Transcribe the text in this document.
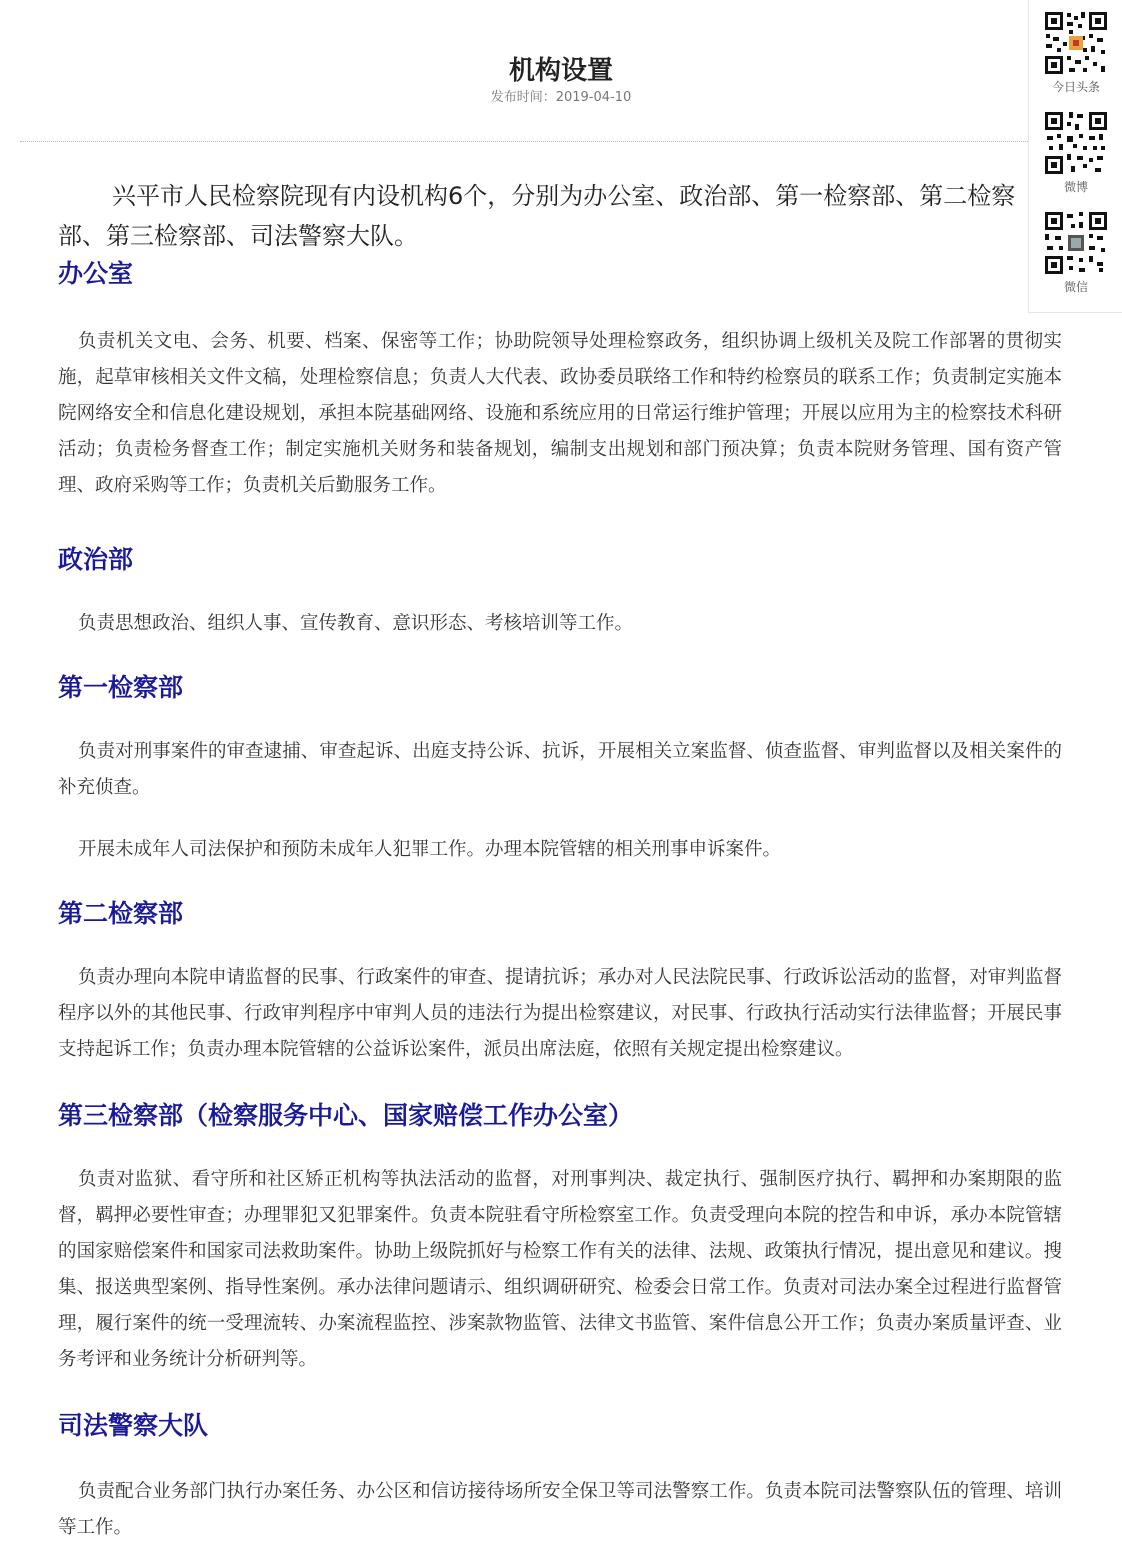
机构设置
发布时间：2019-04-10

兴平市人民检察院现有内设机构6个，分别为办公室、政治部、第一检察部、第二检察部、第三检察部、司法警察大队。

办公室

负责机关文电、会务、机要、档案、保密等工作；协助院领导处理检察政务，组织协调上级机关及院工作部署的贯彻实施，起草审核相关文件文稿，处理检察信息；负责人大代表、政协委员联络工作和特约检察员的联系工作；负责制定实施本院网络安全和信息化建设规划，承担本院基础网络、设施和系统应用的日常运行维护管理；开展以应用为主的检察技术科研活动；负责检务督查工作；制定实施机关财务和装备规划，编制支出规划和部门预决算；负责本院财务管理、国有资产管理、政府采购等工作；负责机关后勤服务工作。

政治部

负责思想政治、组织人事、宣传教育、意识形态、考核培训等工作。

第一检察部

负责对刑事案件的审查逮捕、审查起诉、出庭支持公诉、抗诉，开展相关立案监督、侦查监督、审判监督以及相关案件的补充侦查。

开展未成年人司法保护和预防未成年人犯罪工作。办理本院管辖的相关刑事申诉案件。

第二检察部

负责办理向本院申请监督的民事、行政案件的审查、提请抗诉；承办对人民法院民事、行政诉讼活动的监督，对审判监督程序以外的其他民事、行政审判程序中审判人员的违法行为提出检察建议，对民事、行政执行活动实行法律监督；开展民事支持起诉工作；负责办理本院管辖的公益诉讼案件，派员出席法庭，依照有关规定提出检察建议。

第三检察部（检察服务中心、国家赔偿工作办公室）

负责对监狱、看守所和社区矫正机构等执法活动的监督，对刑事判决、裁定执行、强制医疗执行、羁押和办案期限的监督，羁押必要性审查；办理罪犯又犯罪案件。负责本院驻看守所检察室工作。负责受理向本院的控告和申诉，承办本院管辖的国家赔偿案件和国家司法救助案件。协助上级院抓好与检察工作有关的法律、法规、政策执行情况，提出意见和建议。搜集、报送典型案例、指导性案例。承办法律问题请示、组织调研研究、检委会日常工作。负责对司法办案全过程进行监督管理，履行案件的统一受理流转、办案流程监控、涉案款物监管、法律文书监管、案件信息公开工作；负责办案质量评查、业务考评和业务统计分析研判等。

司法警察大队

负责配合业务部门执行办案任务、办公区和信访接待场所安全保卫等司法警察工作。负责本院司法警察队伍的管理、培训等工作。

今日头条
微博
微信
